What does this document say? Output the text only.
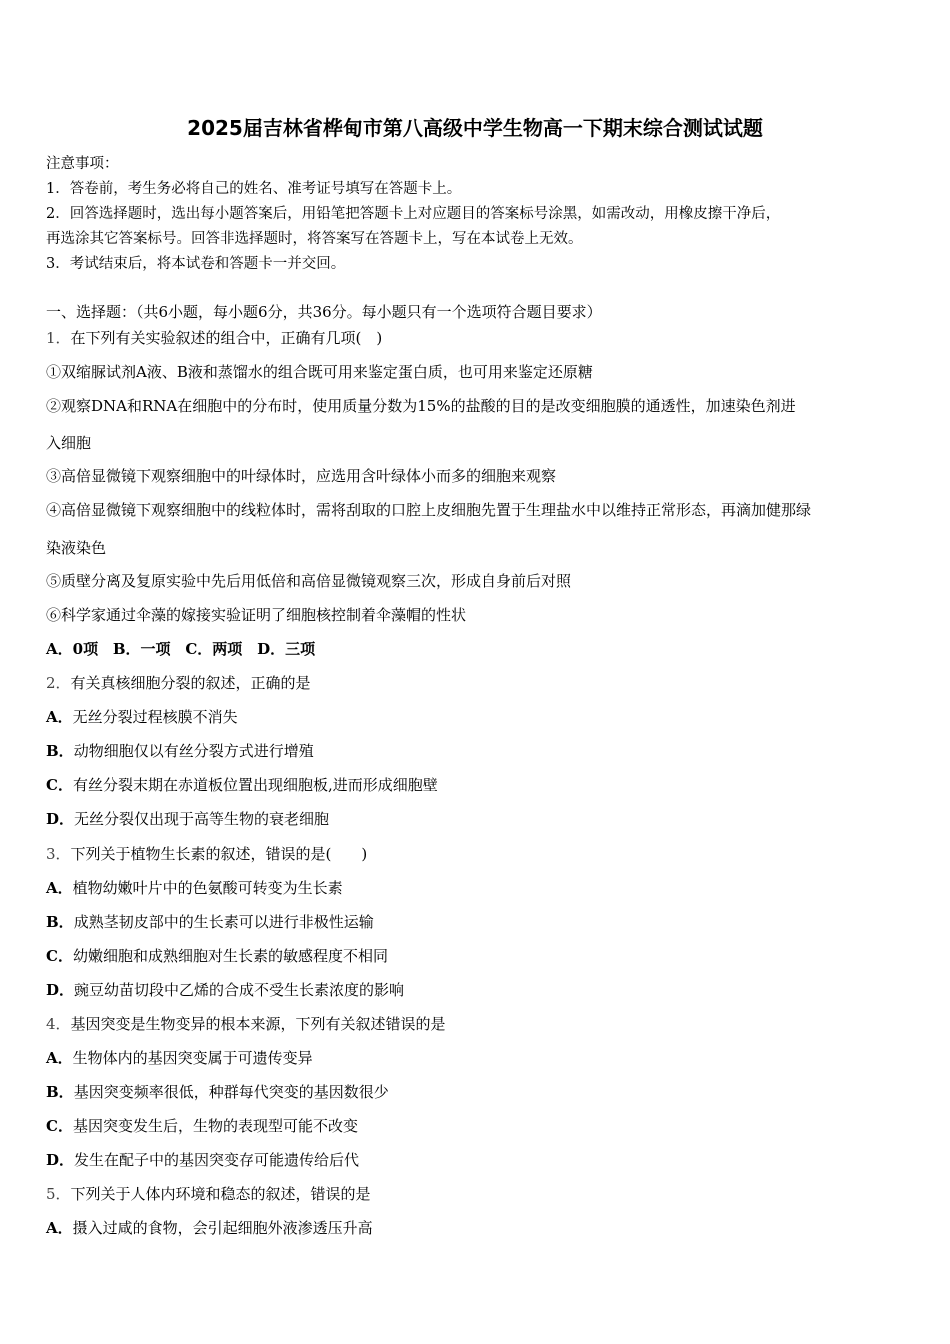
2025届吉林省桦甸市第八高级中学生物高一下期末综合测试试题
注意事项：
1．答卷前，考生务必将自己的姓名、准考证号填写在答题卡上。
2．回答选择题时，选出每小题答案后，用铅笔把答题卡上对应题目的答案标号涂黑，如需改动，用橡皮擦干净后，
再选涂其它答案标号。回答非选择题时，将答案写在答题卡上，写在本试卷上无效。
3．考试结束后，将本试卷和答题卡一并交回。
一、选择题：（共6小题，每小题6分，共36分。每小题只有一个选项符合题目要求）
1．在下列有关实验叙述的组合中，正确有几项(　)
①双缩脲试剂A液、B液和蒸馏水的组合既可用来鉴定蛋白质，也可用来鉴定还原糖
②观察DNA和RNA在细胞中的分布时，使用质量分数为15%的盐酸的目的是改变细胞膜的通透性，加速染色剂进
入细胞
③高倍显微镜下观察细胞中的叶绿体时，应选用含叶绿体小而多的细胞来观察
④高倍显微镜下观察细胞中的线粒体时，需将刮取的口腔上皮细胞先置于生理盐水中以维持正常形态，再滴加健那绿
染液染色
⑤质壁分离及复原实验中先后用低倍和高倍显微镜观察三次，形成自身前后对照
⑥科学家通过伞藻的嫁接实验证明了细胞核控制着伞藻帽的性状
A．0项 B．一项 C．两项 D．三项
2．有关真核细胞分裂的叙述，正确的是
A．无丝分裂过程核膜不消失
B．动物细胞仅以有丝分裂方式进行增殖
C．有丝分裂末期在赤道板位置出现细胞板,进而形成细胞壁
D．无丝分裂仅出现于高等生物的衰老细胞
3．下列关于植物生长素的叙述，错误的是(　　)
A．植物幼嫩叶片中的色氨酸可转变为生长素
B．成熟茎韧皮部中的生长素可以进行非极性运输
C．幼嫩细胞和成熟细胞对生长素的敏感程度不相同
D．豌豆幼苗切段中乙烯的合成不受生长素浓度的影响
4．基因突变是生物变异的根本来源，下列有关叙述错误的是
A．生物体内的基因突变属于可遗传变异
B．基因突变频率很低，种群每代突变的基因数很少
C．基因突变发生后，生物的表现型可能不改变
D．发生在配子中的基因突变存可能遗传给后代
5．下列关于人体内环境和稳态的叙述，错误的是
A．摄入过咸的食物，会引起细胞外液渗透压升高
